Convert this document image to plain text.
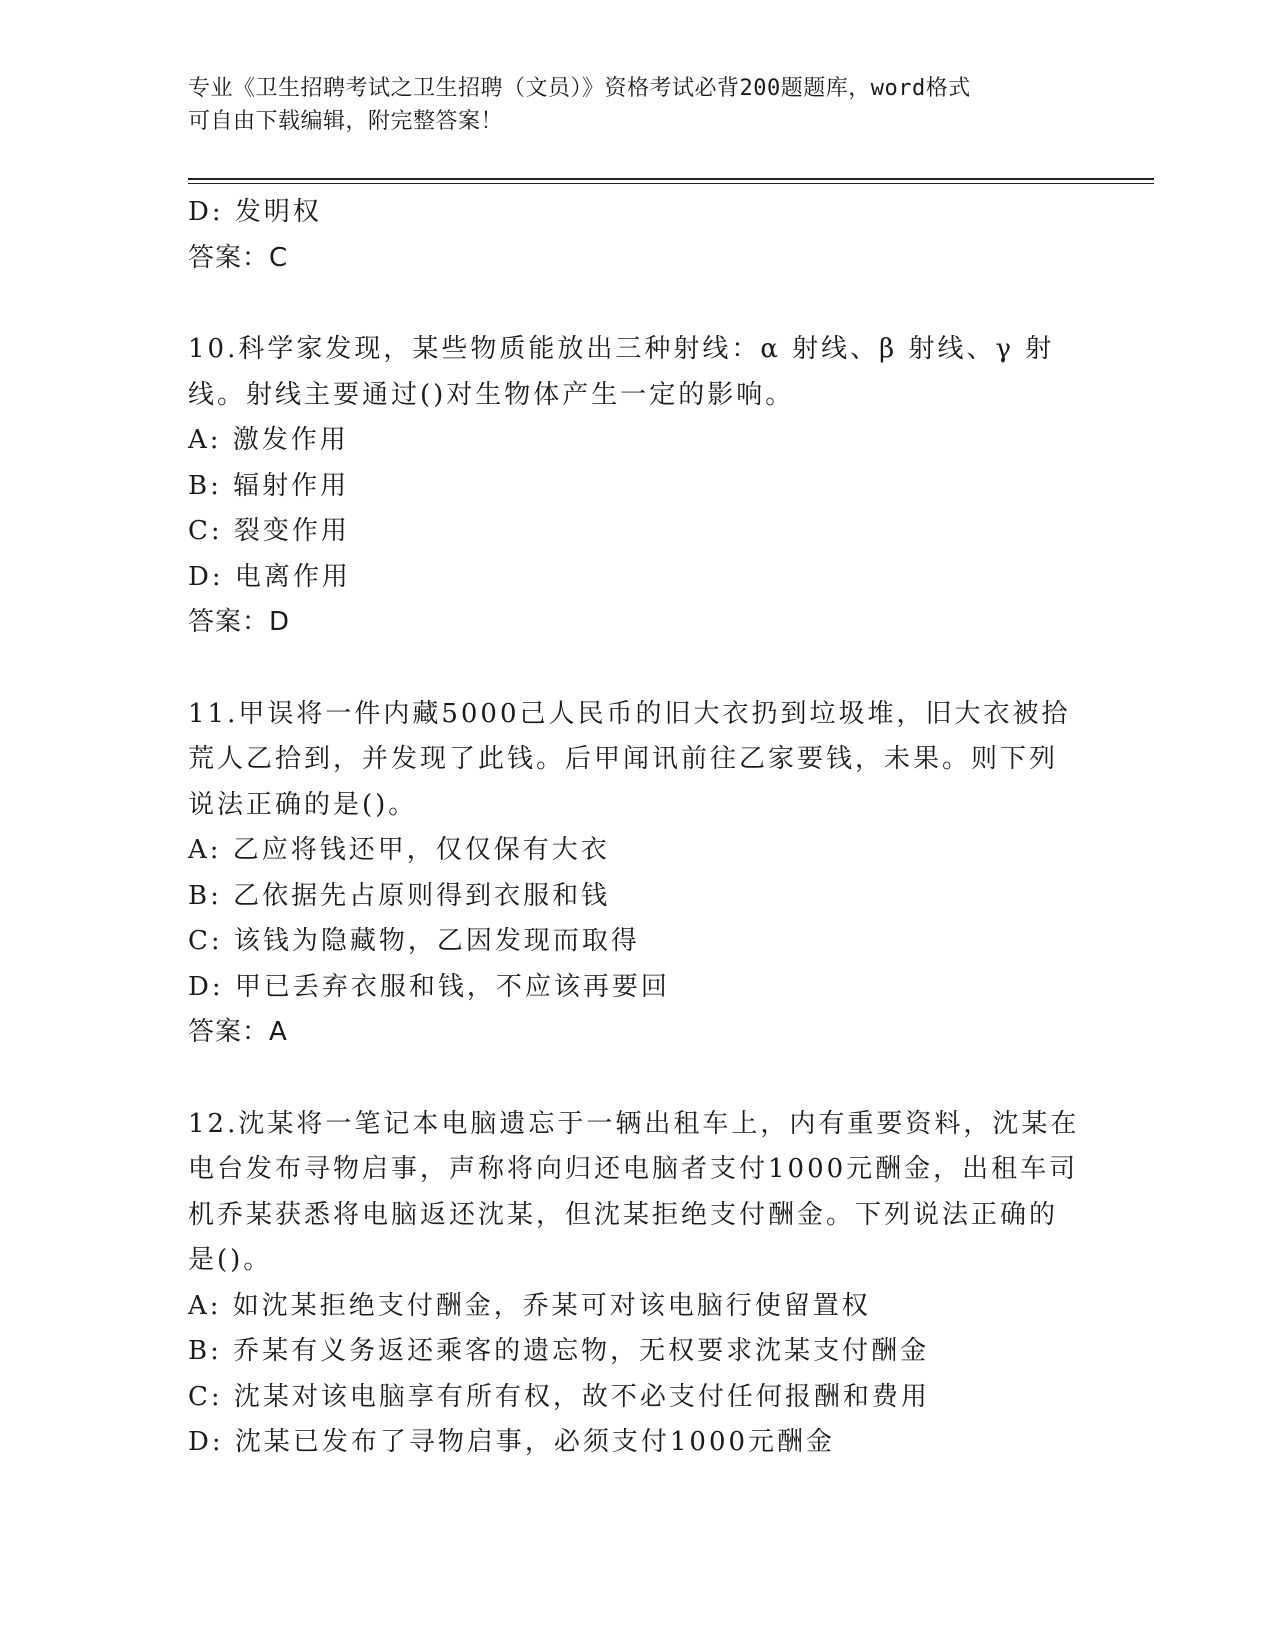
专业《卫生招聘考试之卫生招聘（文员）》资格考试必背200题题库，word格式
可自由下载编辑，附完整答案！
D: 发明权
答案：C
10.科学家发现，某些物质能放出三种射线：α 射线、β 射线、γ 射
线。射线主要通过()对生物体产生一定的影响。
A: 激发作用
B: 辐射作用
C: 裂变作用
D: 电离作用
答案：D
11.甲误将一件内藏5000己人民币的旧大衣扔到垃圾堆，旧大衣被拾
荒人乙拾到，并发现了此钱。后甲闻讯前往乙家要钱，未果。则下列
说法正确的是()。
A: 乙应将钱还甲，仅仅保有大衣
B: 乙依据先占原则得到衣服和钱
C: 该钱为隐藏物，乙因发现而取得
D: 甲已丢弃衣服和钱，不应该再要回
答案：A
12.沈某将一笔记本电脑遗忘于一辆出租车上，内有重要资料，沈某在
电台发布寻物启事，声称将向归还电脑者支付1000元酬金，出租车司
机乔某获悉将电脑返还沈某，但沈某拒绝支付酬金。下列说法正确的
是()。
A: 如沈某拒绝支付酬金，乔某可对该电脑行使留置权
B: 乔某有义务返还乘客的遗忘物，无权要求沈某支付酬金
C: 沈某对该电脑享有所有权，故不必支付任何报酬和费用
D: 沈某已发布了寻物启事，必须支付1000元酬金
